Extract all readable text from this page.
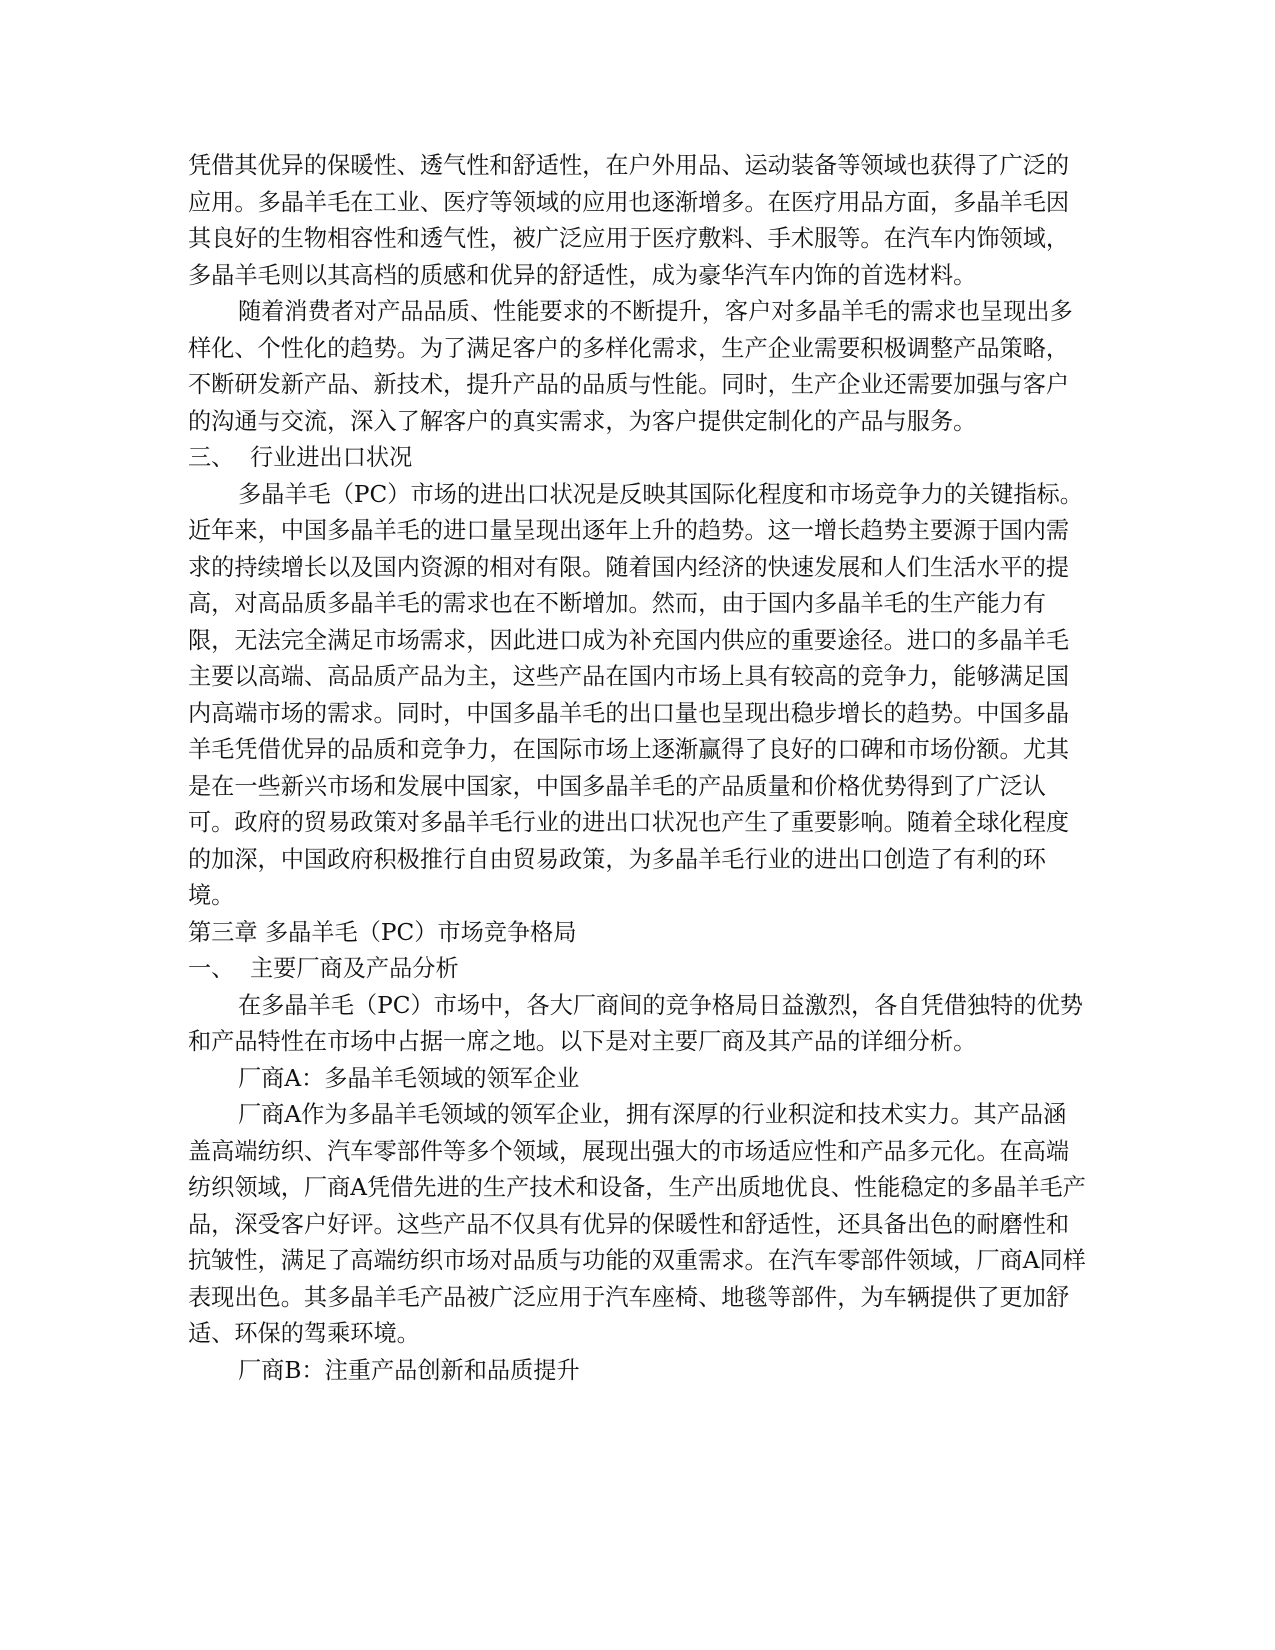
凭借其优异的保暖性、透气性和舒适性，在户外用品、运动装备等领域也获得了广泛的应用。多晶羊毛在工业、医疗等领域的应用也逐渐增多。在医疗用品方面，多晶羊毛因其良好的生物相容性和透气性，被广泛应用于医疗敷料、手术服等。在汽车内饰领域，多晶羊毛则以其高档的质感和优异的舒适性，成为豪华汽车内饰的首选材料。

随着消费者对产品品质、性能要求的不断提升，客户对多晶羊毛的需求也呈现出多样化、个性化的趋势。为了满足客户的多样化需求，生产企业需要积极调整产品策略，不断研发新产品、新技术，提升产品的品质与性能。同时，生产企业还需要加强与客户的沟通与交流，深入了解客户的真实需求，为客户提供定制化的产品与服务。

三、 行业进出口状况

多晶羊毛（PC）市场的进出口状况是反映其国际化程度和市场竞争力的关键指标。近年来，中国多晶羊毛的进口量呈现出逐年上升的趋势。这一增长趋势主要源于国内需求的持续增长以及国内资源的相对有限。随着国内经济的快速发展和人们生活水平的提高，对高品质多晶羊毛的需求也在不断增加。然而，由于国内多晶羊毛的生产能力有限，无法完全满足市场需求，因此进口成为补充国内供应的重要途径。进口的多晶羊毛主要以高端、高品质产品为主，这些产品在国内市场上具有较高的竞争力，能够满足国内高端市场的需求。同时，中国多晶羊毛的出口量也呈现出稳步增长的趋势。中国多晶羊毛凭借优异的品质和竞争力，在国际市场上逐渐赢得了良好的口碑和市场份额。尤其是在一些新兴市场和发展中国家，中国多晶羊毛的产品质量和价格优势得到了广泛认可。政府的贸易政策对多晶羊毛行业的进出口状况也产生了重要影响。随着全球化程度的加深，中国政府积极推行自由贸易政策，为多晶羊毛行业的进出口创造了有利的环境。

第三章 多晶羊毛（PC）市场竞争格局
一、 主要厂商及产品分析

在多晶羊毛（PC）市场中，各大厂商间的竞争格局日益激烈，各自凭借独特的优势和产品特性在市场中占据一席之地。以下是对主要厂商及其产品的详细分析。

厂商A：多晶羊毛领域的领军企业

厂商A作为多晶羊毛领域的领军企业，拥有深厚的行业积淀和技术实力。其产品涵盖高端纺织、汽车零部件等多个领域，展现出强大的市场适应性和产品多元化。在高端纺织领域，厂商A凭借先进的生产技术和设备，生产出质地优良、性能稳定的多晶羊毛产品，深受客户好评。这些产品不仅具有优异的保暖性和舒适性，还具备出色的耐磨性和抗皱性，满足了高端纺织市场对品质与功能的双重需求。在汽车零部件领域，厂商A同样表现出色。其多晶羊毛产品被广泛应用于汽车座椅、地毯等部件，为车辆提供了更加舒适、环保的驾乘环境。

厂商B：注重产品创新和品质提升
